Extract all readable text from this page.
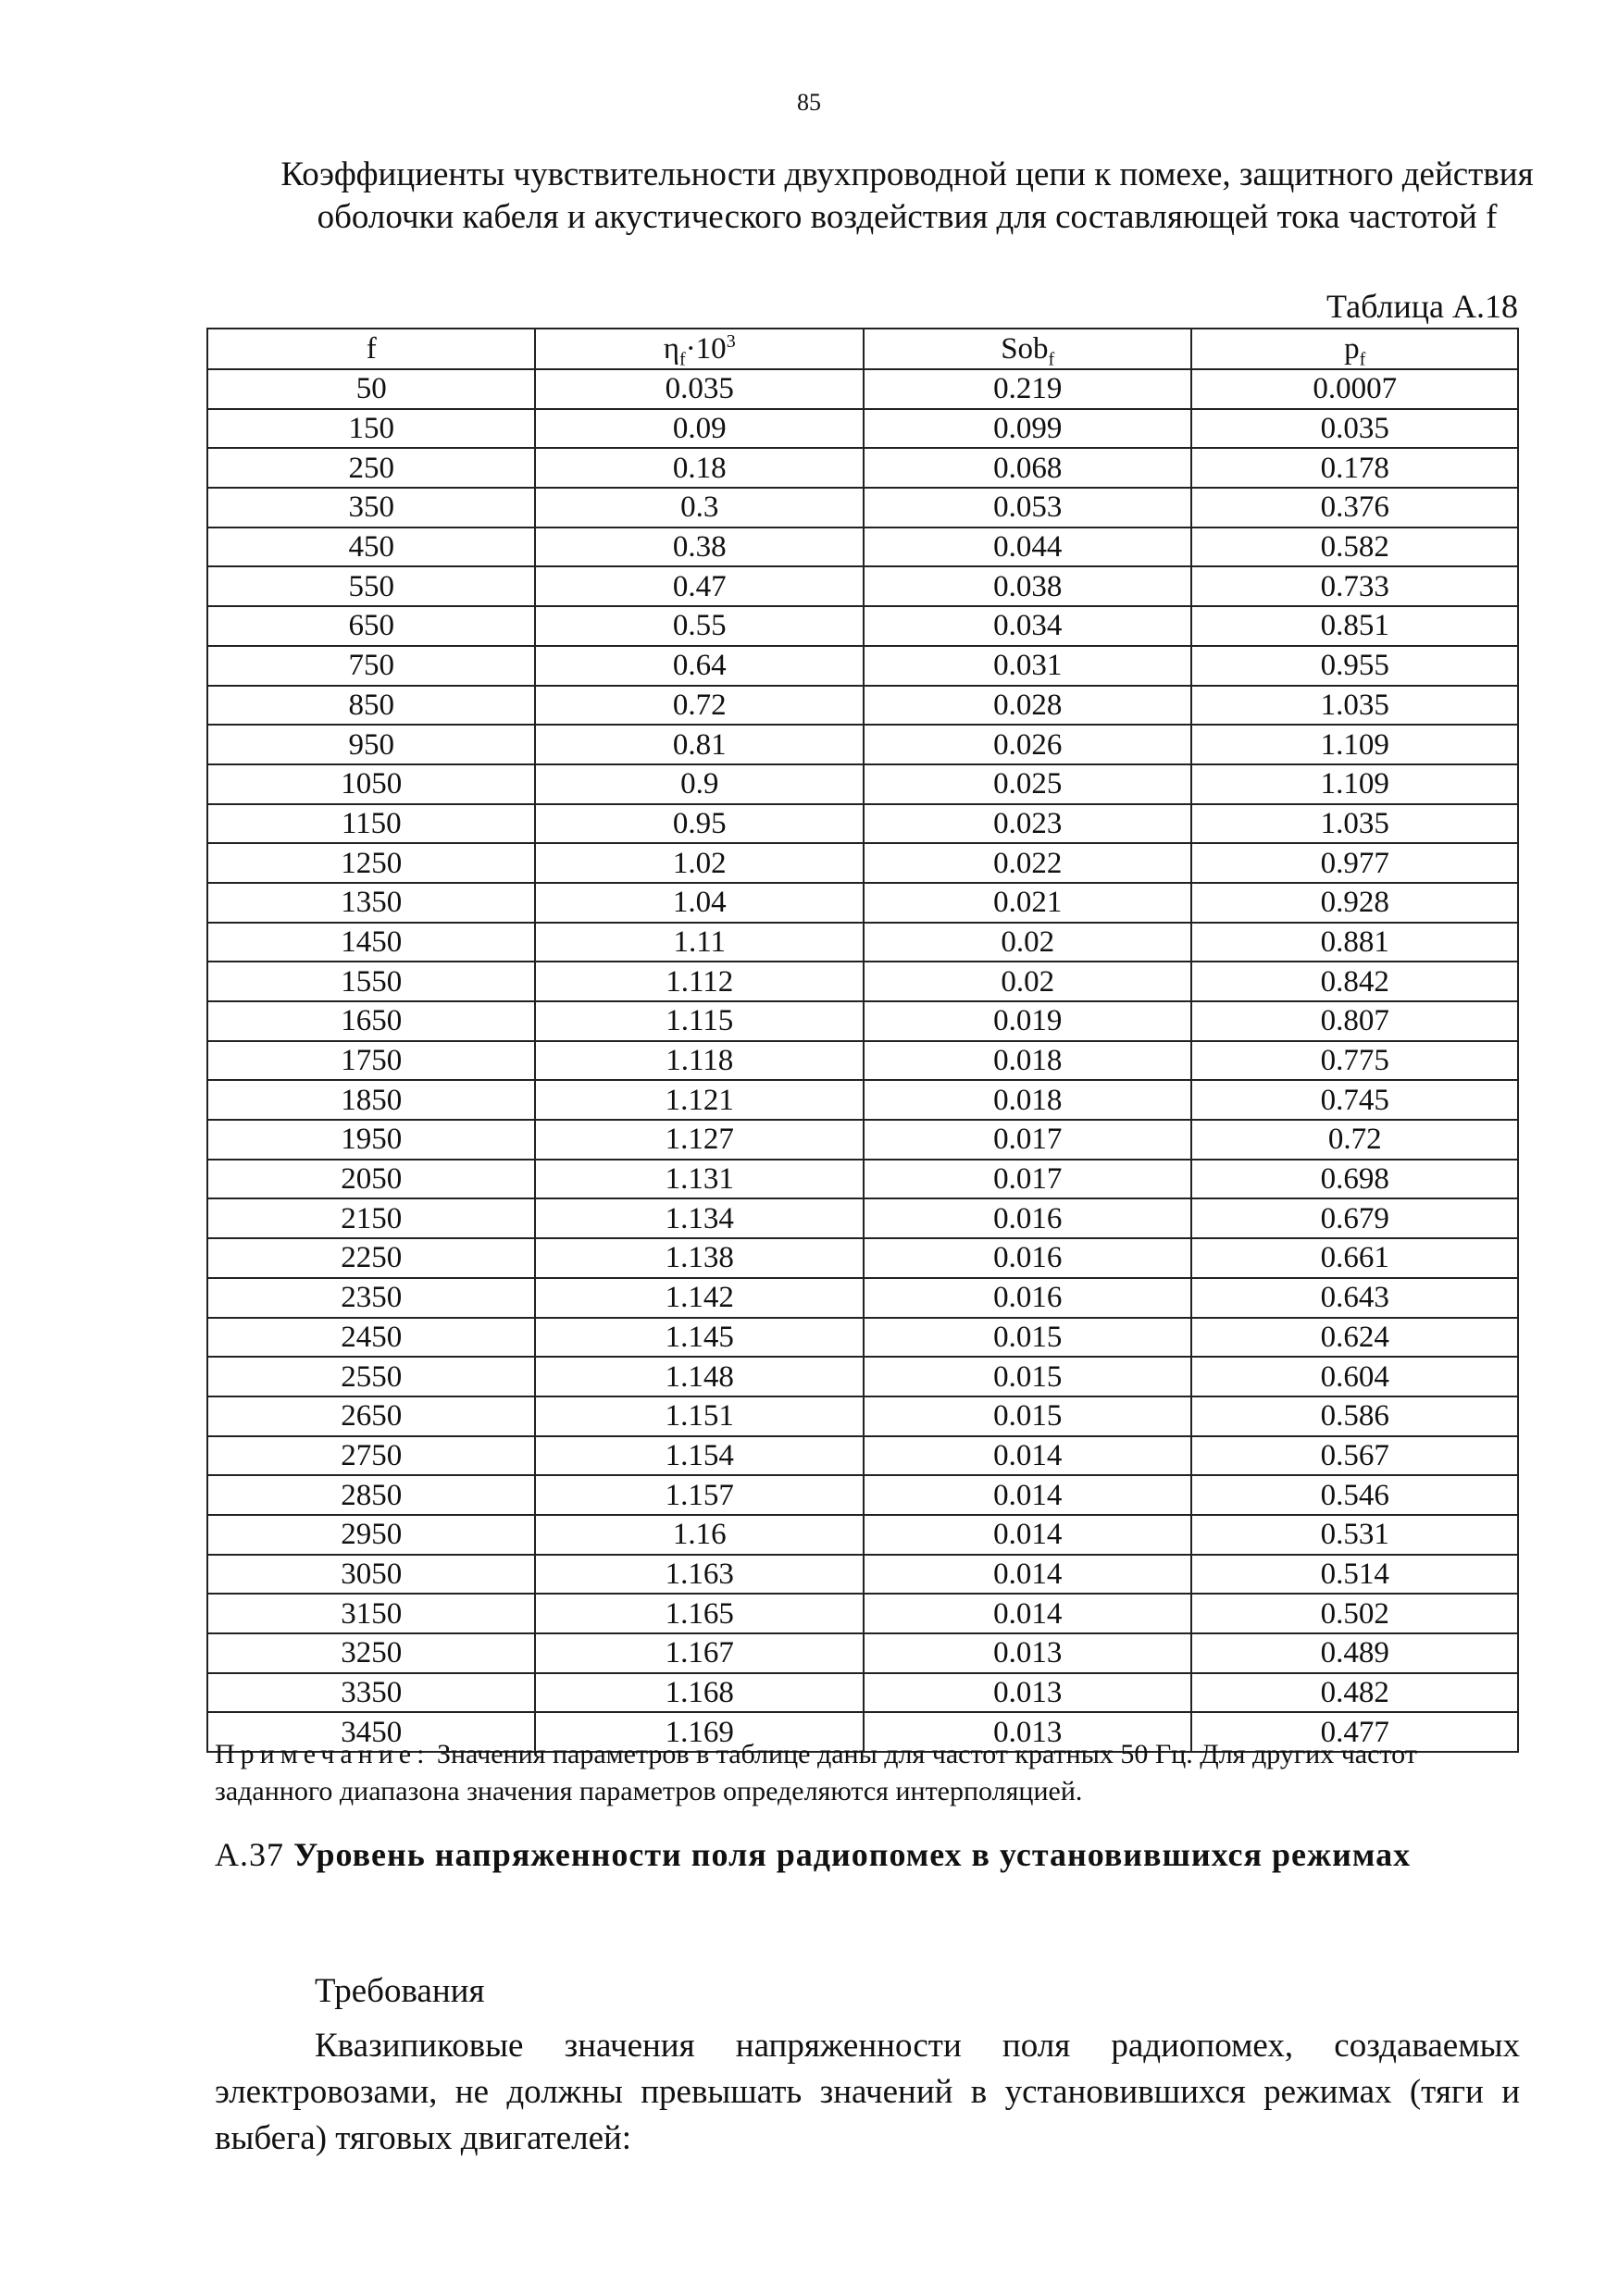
85
Коэффициенты чувствительности двухпроводной цепи к помехе, защитного действия оболочки кабеля и акустического воздействия для составляющей тока частотой f
Таблица А.18
f	$\eta_f\cdot 10^3$	Sob$_f$	$p_f$
50	0.035	0.219	0.0007
150	0.09	0.099	0.035
250	0.18	0.068	0.178
350	0.3	0.053	0.376
450	0.38	0.044	0.582
550	0.47	0.038	0.733
650	0.55	0.034	0.851
750	0.64	0.031	0.955
850	0.72	0.028	1.035
950	0.81	0.026	1.109
1050	0.9	0.025	1.109
1150	0.95	0.023	1.035
1250	1.02	0.022	0.977
1350	1.04	0.021	0.928
1450	1.11	0.02	0.881
1550	1.112	0.02	0.842
1650	1.115	0.019	0.807
1750	1.118	0.018	0.775
1850	1.121	0.018	0.745
1950	1.127	0.017	0.72
2050	1.131	0.017	0.698
2150	1.134	0.016	0.679
2250	1.138	0.016	0.661
2350	1.142	0.016	0.643
2450	1.145	0.015	0.624
2550	1.148	0.015	0.604
2650	1.151	0.015	0.586
2750	1.154	0.014	0.567
2850	1.157	0.014	0.546
2950	1.16	0.014	0.531
3050	1.163	0.014	0.514
3150	1.165	0.014	0.502
3250	1.167	0.013	0.489
3350	1.168	0.013	0.482
3450	1.169	0.013	0.477
Примечание: Значения параметров в таблице даны для частот кратных 50 Гц. Для других частот заданного диапазона значения параметров определяются интерполяцией.
А.37 Уровень напряженности поля радиопомех в установившихся режимах
Требования
Квазипиковые значения напряженности поля радиопомех, создаваемых электровозами, не должны превышать значений в установившихся режимах (тяги и выбега) тяговых двигателей:
